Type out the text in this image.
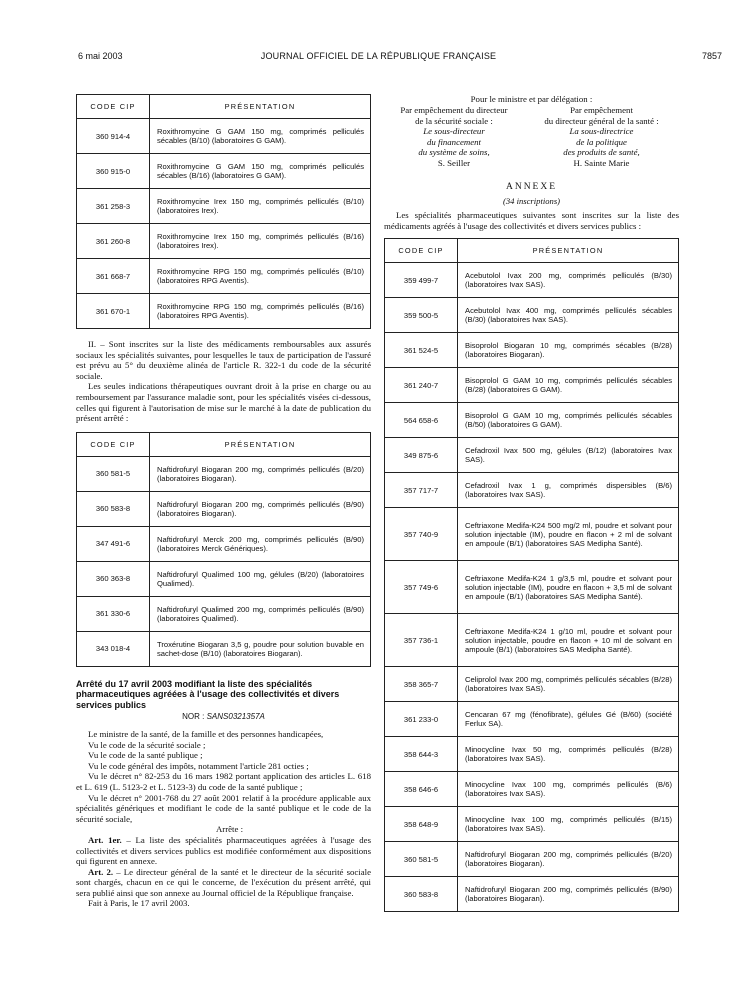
6 mai 2003	JOURNAL OFFICIEL DE LA RÉPUBLIQUE FRANÇAISE	7857
CODE CIP	PRÉSENTATION
360 914-4	Roxithromycine G GAM 150 mg, comprimés pelliculés sécables (B/10) (laboratoires G GAM).
360 915-0	Roxithromycine G GAM 150 mg, comprimés pelliculés sécables (B/16) (laboratoires G GAM).
361 258-3	Roxithromycine Irex 150 mg, comprimés pelliculés (B/10) (laboratoires Irex).
361 260-8	Roxithromycine Irex 150 mg, comprimés pelliculés (B/16) (laboratoires Irex).
361 668-7	Roxithromycine RPG 150 mg, comprimés pelliculés (B/10) (laboratoires RPG Aventis).
361 670-1	Roxithromycine RPG 150 mg, comprimés pelliculés (B/16) (laboratoires RPG Aventis).

II. – Sont inscrites sur la liste des médicaments remboursables aux assurés sociaux les spécialités suivantes, pour lesquelles le taux de participation de l'assuré est prévu au 5° du deuxième alinéa de l'article R. 322-1 du code de la sécurité sociale.

Les seules indications thérapeutiques ouvrant droit à la prise en charge ou au remboursement par l'assurance maladie sont, pour les spécialités visées ci-dessous, celles qui figurent à l'autorisation de mise sur le marché à la date de publication du présent arrêté :

CODE CIP	PRÉSENTATION
360 581-5	Naftidrofuryl Biogaran 200 mg, comprimés pelliculés (B/20) (laboratoires Biogaran).
360 583-8	Naftidrofuryl Biogaran 200 mg, comprimés pelliculés (B/90) (laboratoires Biogaran).
347 491-6	Naftidrofuryl Merck 200 mg, comprimés pelliculés (B/90) (laboratoires Merck Génériques).
360 363-8	Naftidrofuryl Qualimed 100 mg, gélules (B/20) (laboratoires Qualimed).
361 330-6	Naftidrofuryl Qualimed 200 mg, comprimés pelliculés (B/90) (laboratoires Qualimed).
343 018-4	Troxérutine Biogaran 3,5 g, poudre pour solution buvable en sachet-dose (B/10) (laboratoires Biogaran).

Arrêté du 17 avril 2003 modifiant la liste des spécialités pharmaceutiques agréées à l'usage des collectivités et divers services publics

NOR : SANS0321357A

Le ministre de la santé, de la famille et des personnes handicapées,

Vu le code de la sécurité sociale ;

Vu le code de la santé publique ;

Vu le code général des impôts, notamment l'article 281 octies ;

Vu le décret n° 82-253 du 16 mars 1982 portant application des articles L. 618 et L. 619 (L. 5123-2 et L. 5123-3) du code de la santé publique ;

Vu le décret n° 2001-768 du 27 août 2001 relatif à la procédure applicable aux spécialités génériques et modifiant le code de la santé publique et le code de la sécurité sociale,

Arrête :

Art. 1er. – La liste des spécialités pharmaceutiques agréées à l'usage des collectivités et divers services publics est modifiée conformément aux dispositions qui figurent en annexe.

Art. 2. – Le directeur général de la santé et le directeur de la sécurité sociale sont chargés, chacun en ce qui le concerne, de l'exécution du présent arrêté, qui sera publié ainsi que son annexe au Journal officiel de la République française.

Fait à Paris, le 17 avril 2003.

Pour le ministre et par délégation :
Par empêchement du directeur
de la sécurité sociale :
Le sous-directeur
du financement
du système de soins,
S. Seiller
Par empêchement
du directeur général de la santé :
La sous-directrice
de la politique
des produits de santé,
H. Sainte Marie
ANNEXE
(34 inscriptions)

Les spécialités pharmaceutiques suivantes sont inscrites sur la liste des médicaments agréés à l'usage des collectivités et divers services publics :

CODE CIP	PRÉSENTATION
359 499-7	Acebutolol Ivax 200 mg, comprimés pelliculés (B/30) (laboratoires Ivax SAS).
359 500-5	Acebutolol Ivax 400 mg, comprimés pelliculés sécables (B/30) (laboratoires Ivax SAS).
361 524-5	Bisoprolol Biogaran 10 mg, comprimés sécables (B/28) (laboratoires Biogaran).
361 240-7	Bisoprolol G GAM 10 mg, comprimés pelliculés sécables (B/28) (laboratoires G GAM).
564 658-6	Bisoprolol G GAM 10 mg, comprimés pelliculés sécables (B/50) (laboratoires G GAM).
349 875-6	Cefadroxil Ivax 500 mg, gélules (B/12) (laboratoires Ivax SAS).
357 717-7	Cefadroxil Ivax 1 g, comprimés dispersibles (B/6) (laboratoires Ivax SAS).
357 740-9	Ceftriaxone Medifa-K24 500 mg/2 ml, poudre et solvant pour solution injectable (IM), poudre en flacon + 2 ml de solvant en ampoule (B/1) (laboratoires SAS Medipha Santé).
357 749-6	Ceftriaxone Medifa-K24 1 g/3,5 ml, poudre et solvant pour solution injectable (IM), poudre en flacon + 3,5 ml de solvant en ampoule (B/1) (laboratoires SAS Medipha Santé).
357 736-1	Ceftriaxone Medifa-K24 1 g/10 ml, poudre et solvant pour solution injectable, poudre en flacon + 10 ml de solvant en ampoule (B/1) (laboratoires SAS Medipha Santé).
358 365-7	Celiprolol Ivax 200 mg, comprimés pelliculés sécables (B/28) (laboratoires Ivax SAS).
361 233-0	Cencaran 67 mg (fénofibrate), gélules Gé (B/60) (société Ferlux SA).
358 644-3	Minocycline Ivax 50 mg, comprimés pelliculés (B/28) (laboratoires Ivax SAS).
358 646-6	Minocycline Ivax 100 mg, comprimés pelliculés (B/6) (laboratoires Ivax SAS).
358 648-9	Minocycline Ivax 100 mg, comprimés pelliculés (B/15) (laboratoires Ivax SAS).
360 581-5	Naftidrofuryl Biogaran 200 mg, comprimés pelliculés (B/20) (laboratoires Biogaran).
360 583-8	Naftidrofuryl Biogaran 200 mg, comprimés pelliculés (B/90) (laboratoires Biogaran).
